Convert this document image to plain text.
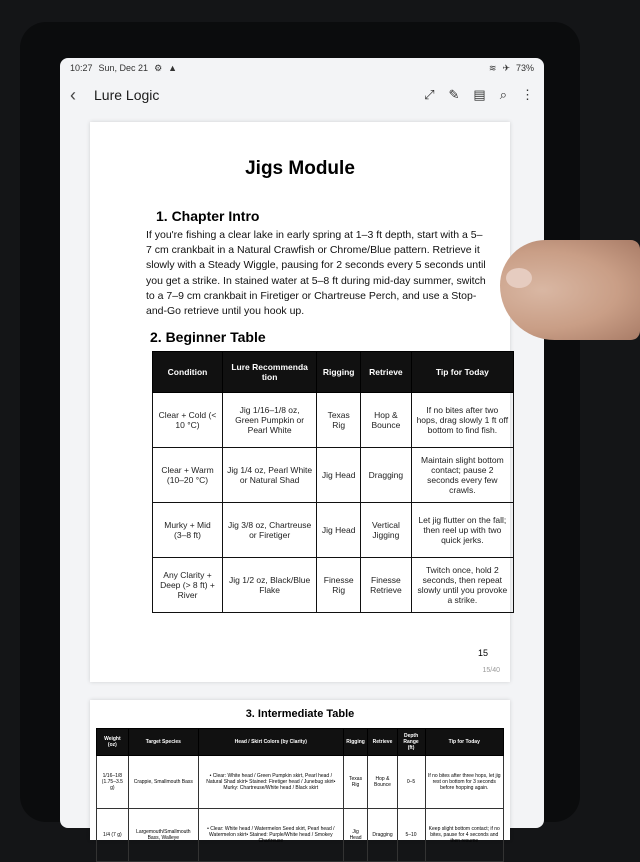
10:27 Sun, Dec 21 ⚙ ▲	≋ ✈ 73%
‹	Lure Logic	⤢ ✎ ▤ ⌕ ⋮
Jigs Module
1. Chapter Intro
If you're fishing a clear lake in early spring at 1–3 ft depth, start with a 5–7 cm crankbait in a Natural Crawfish or Chrome/Blue pattern. Retrieve it slowly with a Steady Wiggle, pausing for 2 seconds every 5 seconds until you get a strike. In stained water at 5–8 ft during mid-day summer, switch to a 7–9 cm crankbait in Firetiger or Chartreuse Perch, and use a Stop-and-Go retrieve until you hook up.
2. Beginner Table
Condition	Lure Recommenda tion	Rigging	Retrieve	Tip for Today
Clear + Cold (< 10 °C)	Jig 1/16–1/8 oz, Green Pumpkin or Pearl White	Texas Rig	Hop & Bounce	If no bites after two hops, drag slowly 1 ft off bottom to find fish.
Clear + Warm (10–20 °C)	Jig 1/4 oz, Pearl White or Natural Shad	Jig Head	Dragging	Maintain slight bottom contact; pause 2 seconds every few crawls.
Murky + Mid (3–8 ft)	Jig 3/8 oz, Chartreuse or Firetiger	Jig Head	Vertical Jigging	Let jig flutter on the fall; then reel up with two quick jerks.
Any Clarity + Deep (> 8 ft) + River	Jig 1/2 oz, Black/Blue Flake	Finesse Rig	Finesse Retrieve	Twitch once, hold 2 seconds, then repeat slowly until you provoke a strike.
15
15/40
3. Intermediate Table
Weight (oz)	Target Species	Head / Skirt Colors (by Clarity)	Rigging	Retrieve	Depth Range (ft)	Tip for Today
1/16–1/8 (1.75–3.5 g)	Crappie, Smallmouth Bass	• Clear: White head / Green Pumpkin skirt, Pearl head / Natural Shad skirt• Stained: Firetiger head / Junebug skirt• Murky: Chartreuse/White head / Black skirt	Texas Rig	Hop & Bounce	0–5	If no bites after three hops, let jig rest on bottom for 3 seconds before hopping again.
1/4 (7 g)	Largemouth/Smallmouth Bass, Walleye	• Clear: White head / Watermelon Seed skirt, Pearl head / Watermelon skirt• Stained: Purple/White head / Smokey Chartreuse	Jig Head	Dragging	5–10	Keep slight bottom contact; if no bites, pause for 4 seconds and then resume
